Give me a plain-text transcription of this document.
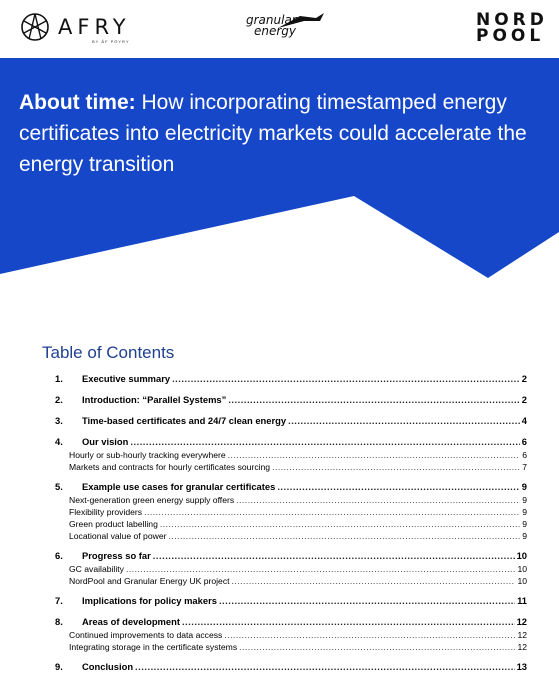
AFRY
BY ÅF PÖYRY
granular
energy
NORD
POOL
About time: How incorporating timestamped energy certificates into electricity markets could accelerate the energy transition
Table of Contents
1.	Executive summary .....	2
2.	Introduction: “Parallel Systems” .....	2
3.	Time-based certificates and 24/7 clean energy .....	4
4.	Our vision .....	6
Hourly or sub-hourly tracking everywhere .....	6
Markets and contracts for hourly certificates sourcing .....	7
5.	Example use cases for granular certificates .....	9
Next-generation green energy supply offers .....	9
Flexibility providers .....	9
Green product labelling .....	9
Locational value of power .....	9
6.	Progress so far .....	10
GC availability .....	10
NordPool and Granular Energy UK project .....	10
7.	Implications for policy makers .....	11
8.	Areas of development .....	12
Continued improvements to data access .....	12
Integrating storage in the certificate systems .....	12
9.	Conclusion .....	13
